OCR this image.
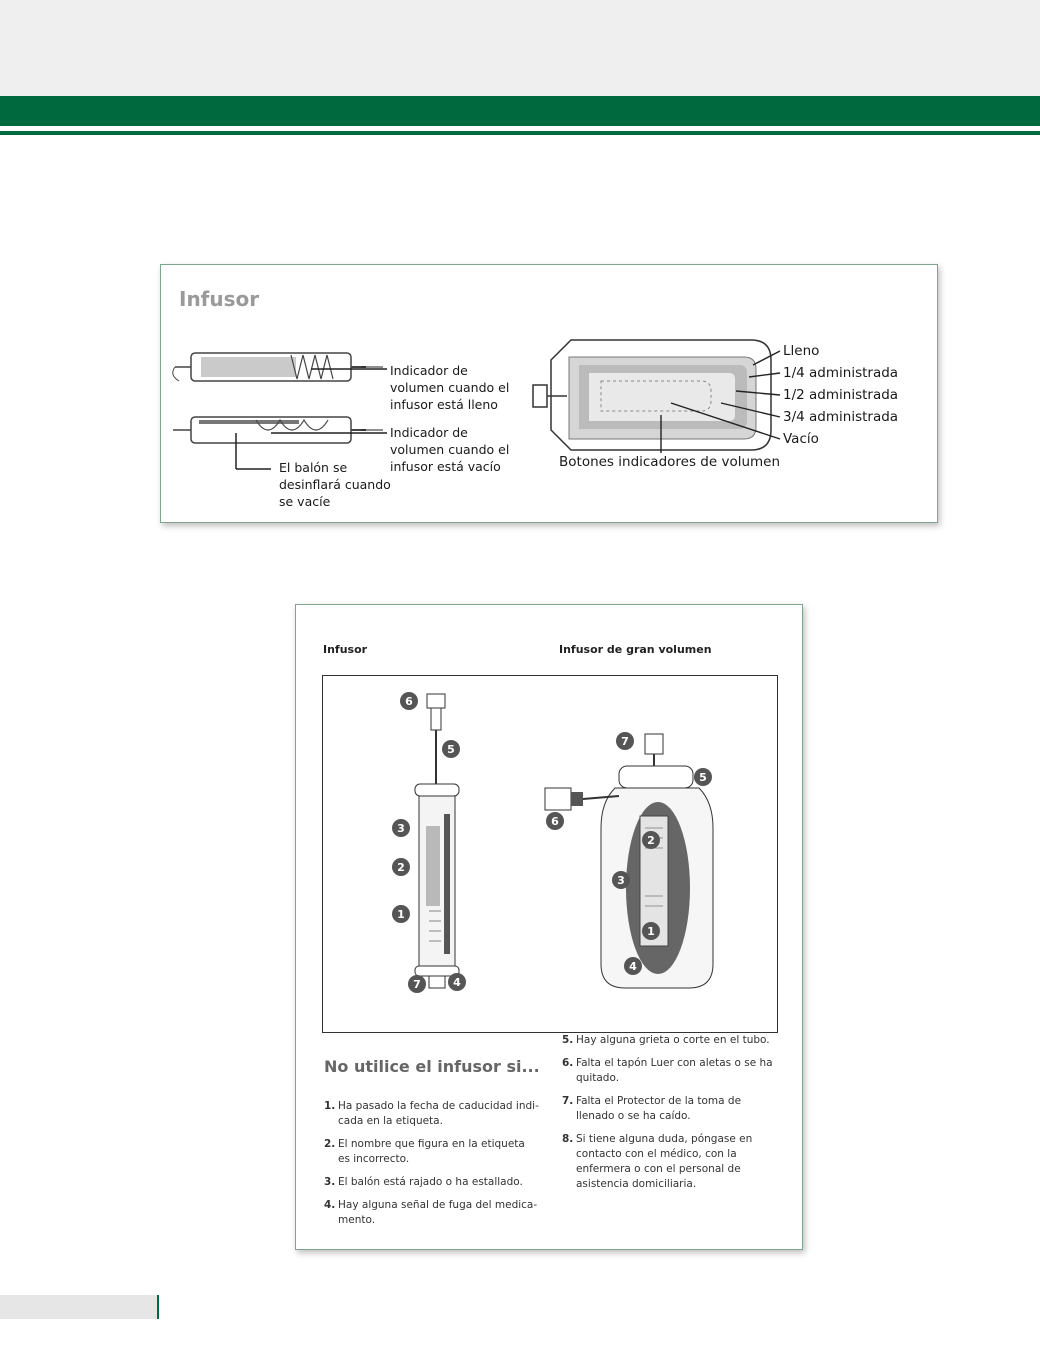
Infusor
Indicador de
volumen cuando el
infusor está lleno
Indicador de
volumen cuando el
infusor está vacío
El balón se
desinflará cuando
se vacíe
Lleno
1/4 administrada
1/2 administrada
3/4 administrada
Vacío
Botones indicadores de volumen
Infusor	Infusor de gran volumen
6
5
3
2
1
7	4
7
5
6
2
3
1
4
No utilice el infusor si...
1. Ha pasado la fecha de caducidad indi-
cada en la etiqueta.
2. El nombre que figura en la etiqueta
es incorrecto.
3. El balón está rajado o ha estallado.
4. Hay alguna señal de fuga del medica-
mento.
5. Hay alguna grieta o corte en el tubo.
6. Falta el tapón Luer con aletas o se ha
quitado.
7. Falta el Protector de la toma de
llenado o se ha caído.
8. Si tiene alguna duda, póngase en
contacto con el médico, con la
enfermera o con el personal de
asistencia domiciliaria.
